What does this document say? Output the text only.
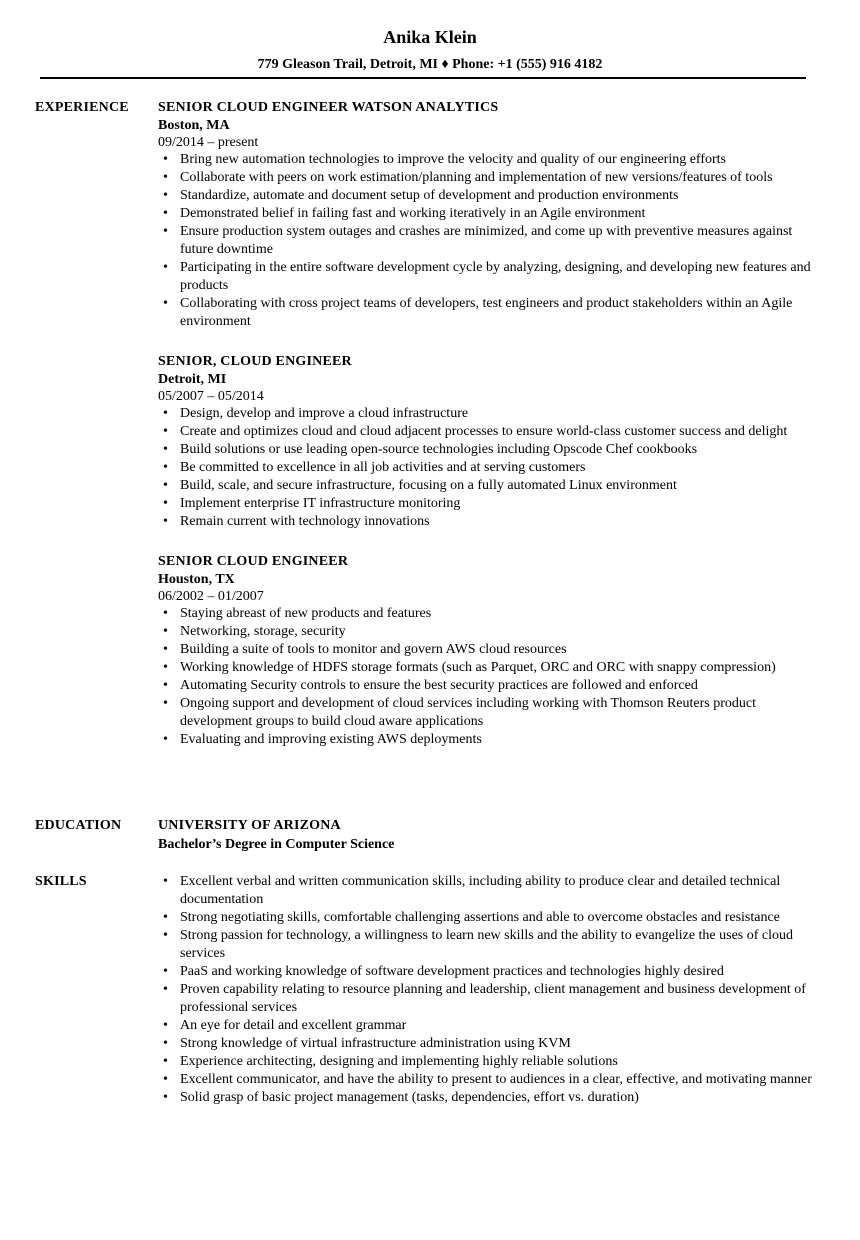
Anika Klein
779 Gleason Trail, Detroit, MI ♦ Phone: +1 (555) 916 4182
EXPERIENCE SENIOR CLOUD ENGINEER WATSON ANALYTICS
Boston, MA
09/2014 – present
• Bring new automation technologies to improve the velocity and quality of our engineering efforts
• Collaborate with peers on work estimation/planning and implementation of new versions/features of tools
• Standardize, automate and document setup of development and production environments
• Demonstrated belief in failing fast and working iteratively in an Agile environment
• Ensure production system outages and crashes are minimized, and come up with preventive measures against future downtime
• Participating in the entire software development cycle by analyzing, designing, and developing new features and products
• Collaborating with cross project teams of developers, test engineers and product stakeholders within an Agile environment
SENIOR, CLOUD ENGINEER
Detroit, MI
05/2007 – 05/2014
• Design, develop and improve a cloud infrastructure
• Create and optimizes cloud and cloud adjacent processes to ensure world-class customer success and delight
• Build solutions or use leading open-source technologies including Opscode Chef cookbooks
• Be committed to excellence in all job activities and at serving customers
• Build, scale, and secure infrastructure, focusing on a fully automated Linux environment
• Implement enterprise IT infrastructure monitoring
• Remain current with technology innovations
SENIOR CLOUD ENGINEER
Houston, TX
06/2002 – 01/2007
• Staying abreast of new products and features
• Networking, storage, security
• Building a suite of tools to monitor and govern AWS cloud resources
• Working knowledge of HDFS storage formats (such as Parquet, ORC and ORC with snappy compression)
• Automating Security controls to ensure the best security practices are followed and enforced
• Ongoing support and development of cloud services including working with Thomson Reuters product development groups to build cloud aware applications
• Evaluating and improving existing AWS deployments
EDUCATION	UNIVERSITY OF ARIZONA
Bachelor’s Degree in Computer Science
SKILLS
•	Excellent verbal and written communication skills, including ability to produce clear and detailed technical documentation
• Strong negotiating skills, comfortable challenging assertions and able to overcome obstacles and resistance
• Strong passion for technology, a willingness to learn new skills and the ability to evangelize the uses of cloud services
• PaaS and working knowledge of software development practices and technologies highly desired
• Proven capability relating to resource planning and leadership, client management and business development of professional services
• An eye for detail and excellent grammar
• Strong knowledge of virtual infrastructure administration using KVM
• Experience architecting, designing and implementing highly reliable solutions
• Excellent communicator, and have the ability to present to audiences in a clear, effective, and motivating manner
• Solid grasp of basic project management (tasks, dependencies, effort vs. duration)
